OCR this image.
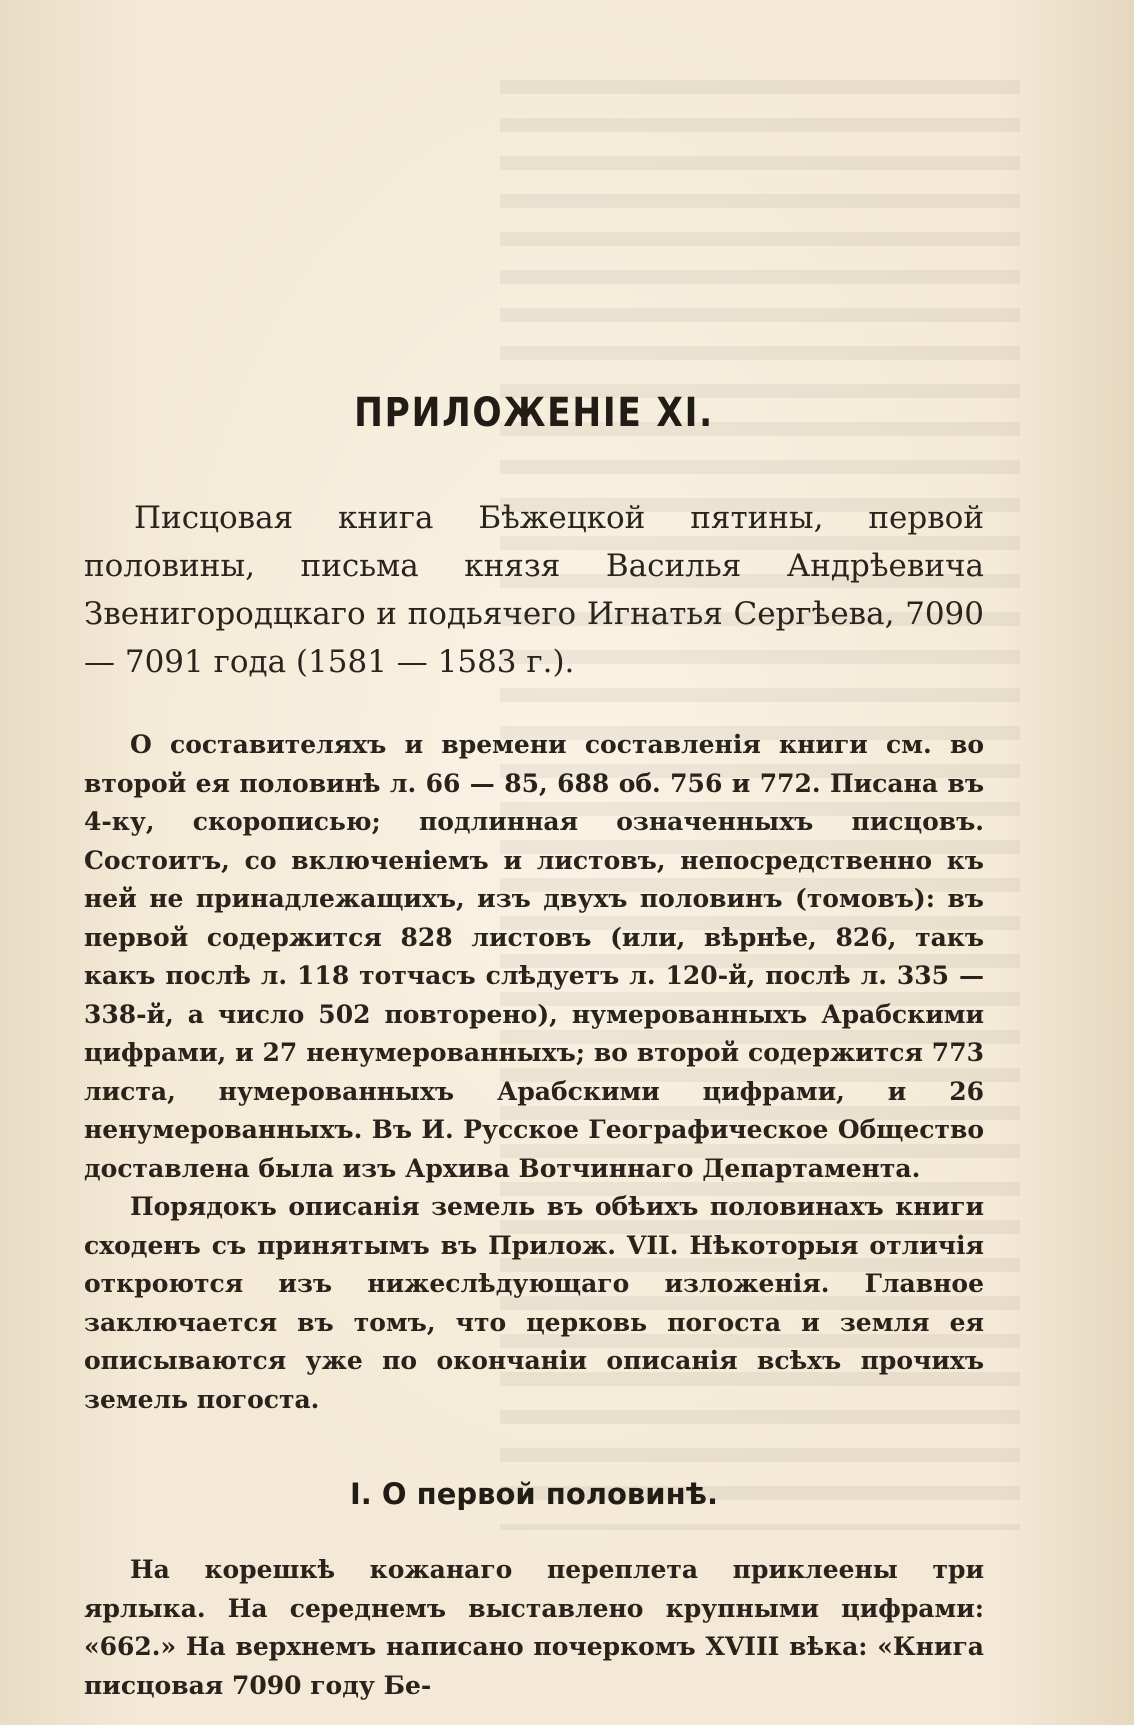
ПРИЛОЖЕНІЕ XI.

Писцовая книга Бѣжецкой пятины, первой половины, письма князя Василья Андрѣевича Звенигородцкаго и подьячего Игнатья Сергѣева, 7090 — 7091 года (1581 — 1583 г.).

О составителяхъ и времени составленія книги см. во второй ея половинѣ л. 66 — 85, 688 об. 756 и 772. Писана въ 4-ку, скорописью; подлинная означенныхъ писцовъ. Состоитъ, со включеніемъ и листовъ, непосредственно къ ней не принадлежащихъ, изъ двухъ половинъ (томовъ): въ первой содержится 828 листовъ (или, вѣрнѣе, 826, такъ какъ послѣ л. 118 тотчасъ слѣдуетъ л. 120-й, послѣ л. 335 — 338-й, а число 502 повторено), нумерованныхъ Арабскими цифрами, и 27 ненумерованныхъ; во второй содержится 773 листа, нумерованныхъ Арабскими цифрами, и 26 ненумерованныхъ. Въ И. Русское Географическое Общество доставлена была изъ Архива Вотчиннаго Департамента.

Порядокъ описанія земель въ обѣихъ половинахъ книги сходенъ съ принятымъ въ Прилож. VII. Нѣкоторыя отличія откроются изъ нижеслѣдующаго изложенія. Главное заключается въ томъ, что церковь погоста и земля ея описываются уже по окончаніи описанія всѣхъ прочихъ земель погоста.

I. О первой половинѣ.

На корешкѣ кожанаго переплета приклеены три ярлыка. На середнемъ выставлено крупными цифрами: «662.» На верхнемъ написано почеркомъ XVIII вѣка: «Книга писцовая 7090 году Бе-
